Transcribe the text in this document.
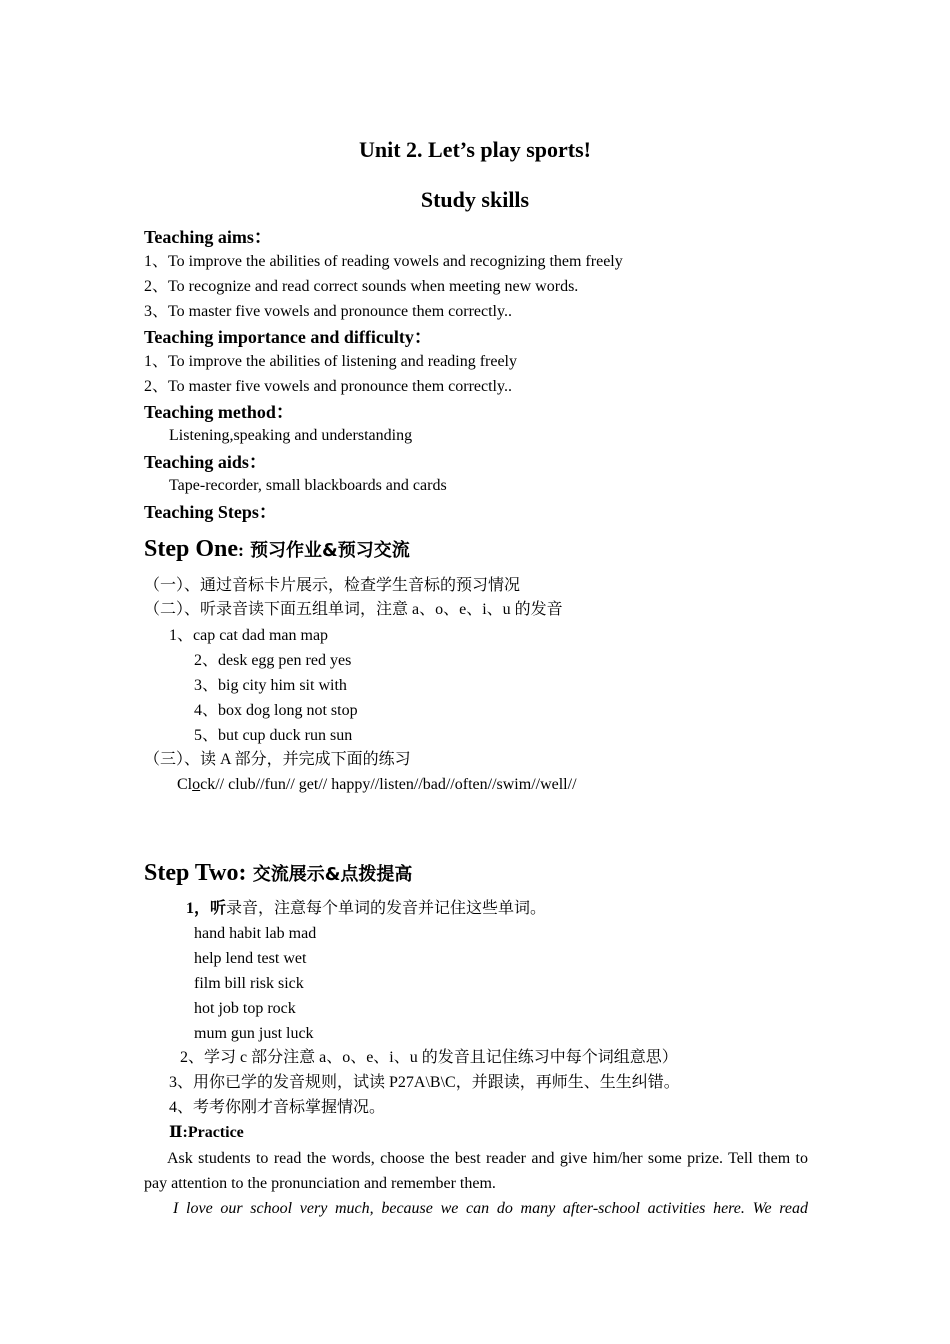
Unit 2. Let’s play sports!
Study skills
Teaching aims：
1、To improve the abilities of reading vowels and recognizing them freely
2、To recognize and read correct sounds when meeting new words.
3、To master five vowels and pronounce them correctly..
Teaching importance and difficulty：
1、To improve the abilities of listening and reading freely
2、To master five vowels and pronounce them correctly..
Teaching method：
Listening,speaking and understanding
Teaching aids：
Tape-recorder, small blackboards and cards
Teaching Steps：
Step One: 预习作业&预习交流
（一）、通过音标卡片展示，检查学生音标的预习情况
（二）、听录音读下面五组单词，注意 a、o、e、i、u 的发音
1、cap cat dad man map
2、desk egg pen red yes
3、big city him sit with
4、box dog long not stop
5、but cup duck run sun
（三）、读 A 部分，并完成下面的练习
Clock// club//fun// get// happy//listen//bad//often//swim//well//
Step Two: 交流展示&点拨提高
1，听录音，注意每个单词的发音并记住这些单词。
hand habit lab mad
help lend test wet
film bill risk sick
hot job top rock
mum gun just luck
2、学习 c 部分注意 a、o、e、i、u 的发音且记住练习中每个词组意思）
3、用你已学的发音规则，试读 P27A\B\C，并跟读，再师生、生生纠错。
4、考考你刚才音标掌握情况。
Ⅱ:Practice
Ask students to read the words, choose the best reader and give him/her some prize. Tell them to pay attention to the pronunciation and remember them.
I love our school very much, because we can do many after-school activities here. We read
